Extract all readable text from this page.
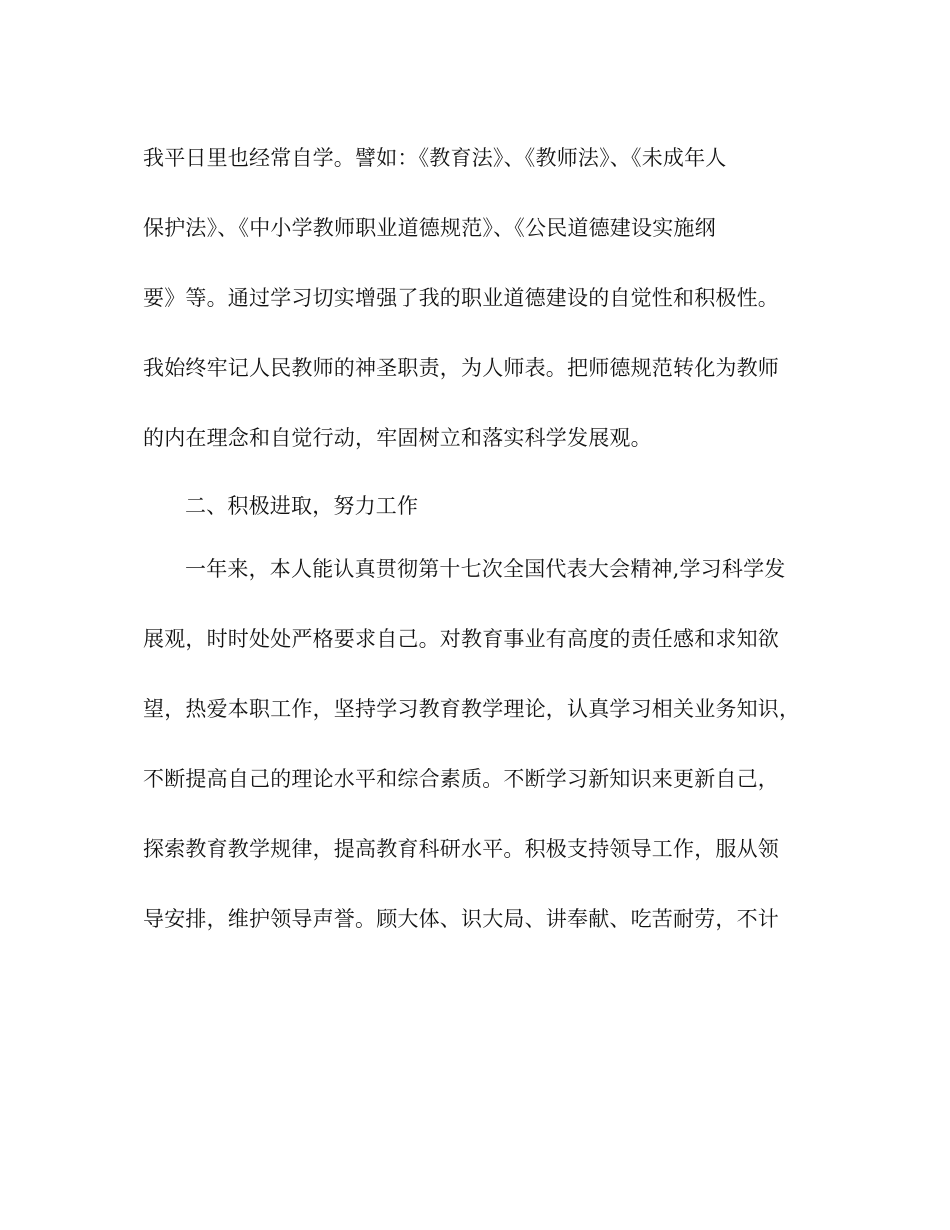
我平日里也经常自学。譬如：《教育法》、《教师法》、《未成年人
保护法》、《中小学教师职业道德规范》、《公民道德建设实施纲
要》等。通过学习切实增强了我的职业道德建设的自觉性和积极性。
我始终牢记人民教师的神圣职责，为人师表。把师德规范转化为教师
的内在理念和自觉行动，牢固树立和落实科学发展观。
二、积极进取，努力工作
一年来，本人能认真贯彻第十七次全国代表大会精神,学习科学发
展观，时时处处严格要求自己。对教育事业有高度的责任感和求知欲
望，热爱本职工作，坚持学习教育教学理论，认真学习相关业务知识，
不断提高自己的理论水平和综合素质。不断学习新知识来更新自己，
探索教育教学规律，提高教育科研水平。积极支持领导工作，服从领
导安排，维护领导声誉。顾大体、识大局、讲奉献、吃苦耐劳，不计
